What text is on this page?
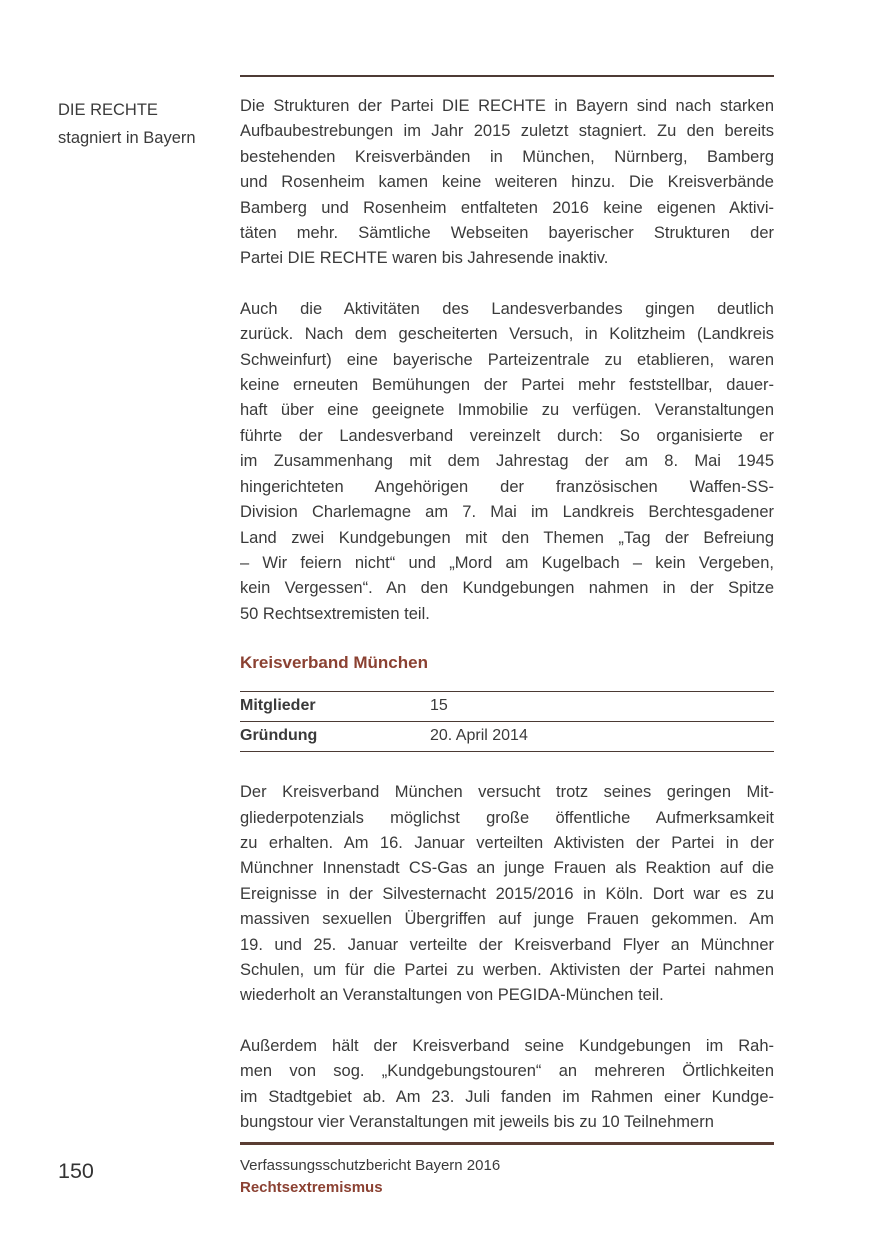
DIE RECHTE
stagniert in Bayern
Die Strukturen der Partei DIE RECHTE in Bayern sind nach starken
Aufbaubestrebungen im Jahr 2015 zuletzt stagniert. Zu den bereits
bestehenden Kreisverbänden in München, Nürnberg, Bamberg
und Rosenheim kamen keine weiteren hinzu. Die Kreisverbände
Bamberg und Rosenheim entfalteten 2016 keine eigenen Aktivi-
täten mehr. Sämtliche Webseiten bayerischer Strukturen der
Partei DIE RECHTE waren bis Jahresende inaktiv.
Auch die Aktivitäten des Landesverbandes gingen deutlich
zurück. Nach dem gescheiterten Versuch, in Kolitzheim (Landkreis
Schweinfurt) eine bayerische Parteizentrale zu etablieren, waren
keine erneuten Bemühungen der Partei mehr feststellbar, dauer-
haft über eine geeignete Immobilie zu verfügen. Veranstaltungen
führte der Landesverband vereinzelt durch: So organisierte er
im Zusammenhang mit dem Jahrestag der am 8. Mai 1945
hingerichteten Angehörigen der französischen Waffen-SS-
Division Charlemagne am 7. Mai im Landkreis Berchtesgadener
Land zwei Kundgebungen mit den Themen „Tag der Befreiung
– Wir feiern nicht“ und „Mord am Kugelbach – kein Vergeben,
kein Vergessen“. An den Kundgebungen nahmen in der Spitze
50 Rechtsextremisten teil.
Kreisverband München
Mitglieder	15
Gründung	20. April 2014
Der Kreisverband München versucht trotz seines geringen Mit-
gliederpotenzials möglichst große öffentliche Aufmerksamkeit
zu erhalten. Am 16. Januar verteilten Aktivisten der Partei in der
Münchner Innenstadt CS-Gas an junge Frauen als Reaktion auf die
Ereignisse in der Silvesternacht 2015/2016 in Köln. Dort war es zu
massiven sexuellen Übergriffen auf junge Frauen gekommen. Am
19. und 25. Januar verteilte der Kreisverband Flyer an Münchner
Schulen, um für die Partei zu werben. Aktivisten der Partei nahmen
wiederholt an Veranstaltungen von PEGIDA-München teil.
Außerdem hält der Kreisverband seine Kundgebungen im Rah-
men von sog. „Kundgebungstouren“ an mehreren Örtlichkeiten
im Stadtgebiet ab. Am 23. Juli fanden im Rahmen einer Kundge-
bungstour vier Veranstaltungen mit jeweils bis zu 10 Teilnehmern
150	Verfassungsschutzbericht Bayern 2016
Rechtsextremismus
